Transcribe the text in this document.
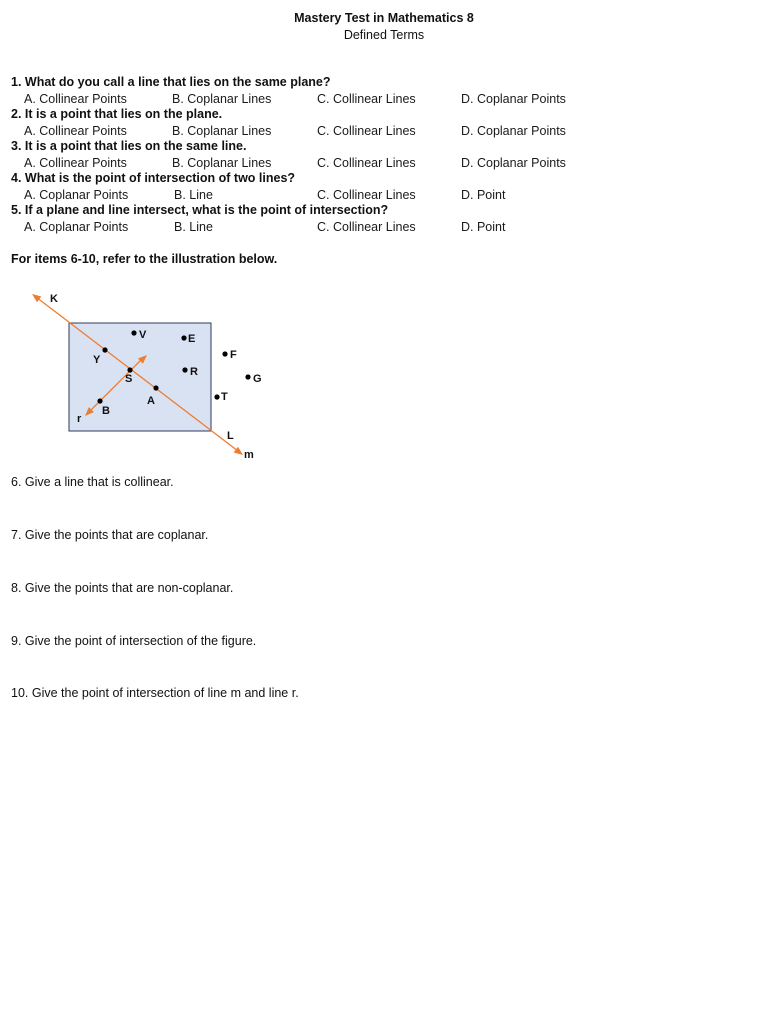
Mastery Test in Mathematics 8
Defined Terms
1. What do you call a line that lies on the same plane?
A. Collinear Points	B. Coplanar Lines	C. Collinear Lines	D. Coplanar Points
2. It is a point that lies on the plane.
A. Collinear Points	B. Coplanar Lines	C. Collinear Lines	D. Coplanar Points
3. It is a point that lies on the same line.
A. Collinear Points	B. Coplanar Lines	C. Collinear Lines	D. Coplanar Points
4. What is the point of intersection of two lines?
A. Coplanar Points	B. Line	C. Collinear Lines	D. Point
5. If a plane and line intersect, what is the point of intersection?
A. Coplanar Points	B. Line	C. Collinear Lines	D. Point
For items 6-10, refer to the illustration below.
K
V	E
F
Y
R
G
S
T
A
B
r
L
m
6. Give a line that is collinear.
7. Give the points that are coplanar.
8. Give the points that are non-coplanar.
9. Give the point of intersection of the figure.
10. Give the point of intersection of line m and line r.
